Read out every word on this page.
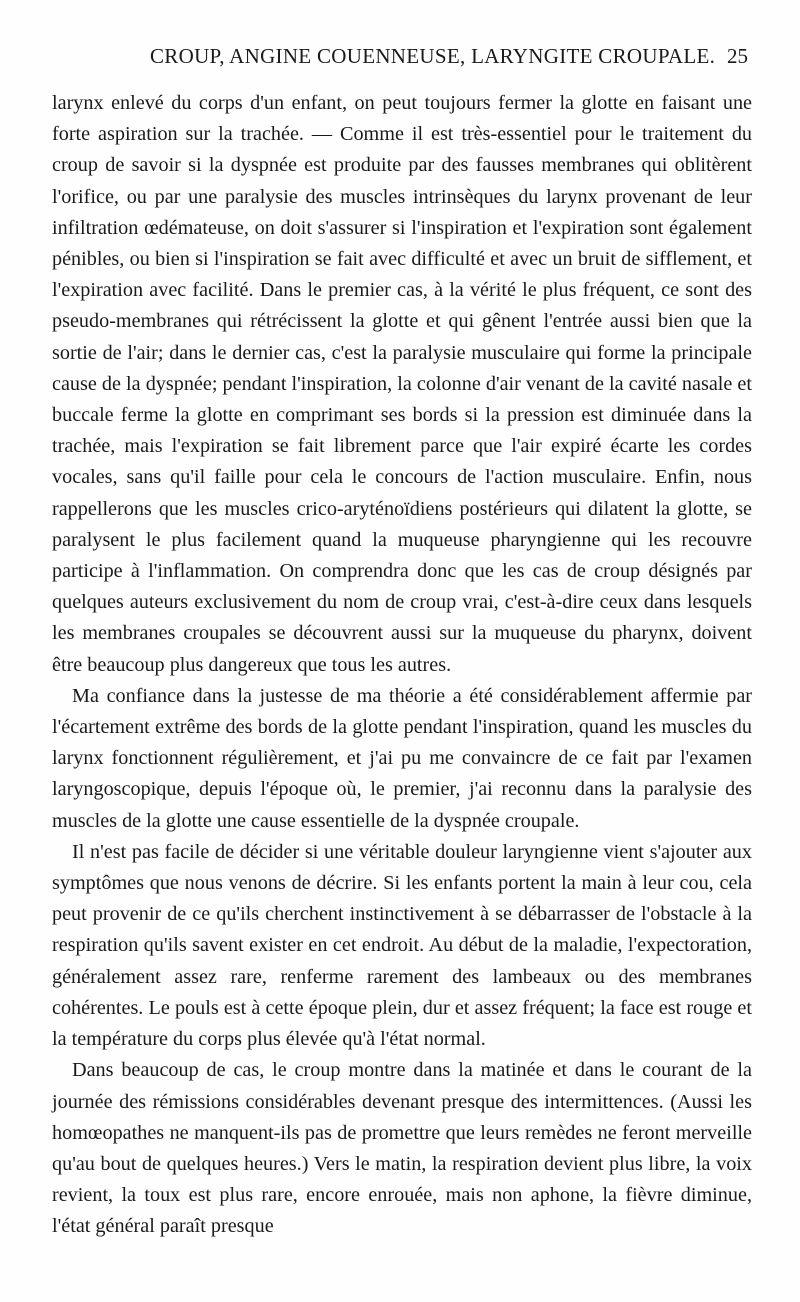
CROUP, ANGINE COUENNEUSE, LARYNGITE CROUPALE. 25

larynx enlevé du corps d'un enfant, on peut toujours fermer la glotte en faisant une forte aspiration sur la trachée. — Comme il est très-essentiel pour le traitement du croup de savoir si la dyspnée est produite par des fausses membranes qui oblitèrent l'orifice, ou par une paralysie des muscles intrinsèques du larynx provenant de leur infiltration œdémateuse, on doit s'assurer si l'inspiration et l'expiration sont également pénibles, ou bien si l'inspiration se fait avec difficulté et avec un bruit de sifflement, et l'expiration avec facilité. Dans le premier cas, à la vérité le plus fréquent, ce sont des pseudo-membranes qui rétrécissent la glotte et qui gênent l'entrée aussi bien que la sortie de l'air; dans le dernier cas, c'est la paralysie musculaire qui forme la principale cause de la dyspnée; pendant l'inspiration, la colonne d'air venant de la cavité nasale et buccale ferme la glotte en comprimant ses bords si la pression est diminuée dans la trachée, mais l'expiration se fait librement parce que l'air expiré écarte les cordes vocales, sans qu'il faille pour cela le concours de l'action musculaire. Enfin, nous rappellerons que les muscles crico-aryténoïdiens postérieurs qui dilatent la glotte, se paralysent le plus facilement quand la muqueuse pharyngienne qui les recouvre participe à l'inflammation. On comprendra donc que les cas de croup désignés par quelques auteurs exclusivement du nom de croup vrai, c'est-à-dire ceux dans lesquels les membranes croupales se découvrent aussi sur la muqueuse du pharynx, doivent être beaucoup plus dangereux que tous les autres.

Ma confiance dans la justesse de ma théorie a été considérablement affermie par l'écartement extrême des bords de la glotte pendant l'inspiration, quand les muscles du larynx fonctionnent régulièrement, et j'ai pu me convaincre de ce fait par l'examen laryngoscopique, depuis l'époque où, le premier, j'ai reconnu dans la paralysie des muscles de la glotte une cause essentielle de la dyspnée croupale.

Il n'est pas facile de décider si une véritable douleur laryngienne vient s'ajouter aux symptômes que nous venons de décrire. Si les enfants portent la main à leur cou, cela peut provenir de ce qu'ils cherchent instinctivement à se débarrasser de l'obstacle à la respiration qu'ils savent exister en cet endroit. Au début de la maladie, l'expectoration, généralement assez rare, renferme rarement des lambeaux ou des membranes cohérentes. Le pouls est à cette époque plein, dur et assez fréquent; la face est rouge et la température du corps plus élevée qu'à l'état normal.

Dans beaucoup de cas, le croup montre dans la matinée et dans le courant de la journée des rémissions considérables devenant presque des intermittences. (Aussi les homœopathes ne manquent-ils pas de promettre que leurs remèdes ne feront merveille qu'au bout de quelques heures.) Vers le matin, la respiration devient plus libre, la voix revient, la toux est plus rare, encore enrouée, mais non aphone, la fièvre diminue, l'état général paraît presque
